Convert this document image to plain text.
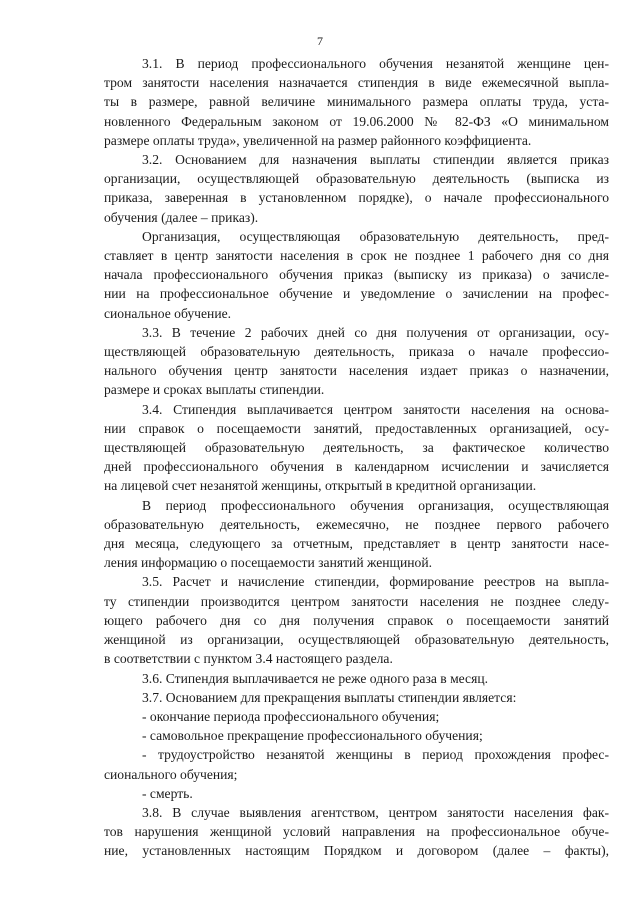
7

3.1. В период профессионального обучения незанятой женщине цен-
тром занятости населения назначается стипендия в виде ежемесячной выпла-
ты в размере, равной величине минимального размера оплаты труда, уста-
новленного Федеральным законом от 19.06.2000 № 82-ФЗ «О минимальном
размере оплаты труда», увеличенной на размер районного коэффициента.

3.2. Основанием для назначения выплаты стипендии является приказ
организации, осуществляющей образовательную деятельность (выписка из
приказа, заверенная в установленном порядке), о начале профессионального
обучения (далее – приказ).

Организация, осуществляющая образовательную деятельность, пред-
ставляет в центр занятости населения в срок не позднее 1 рабочего дня со дня
начала профессионального обучения приказ (выписку из приказа) о зачисле-
нии на профессиональное обучение и уведомление о зачислении на профес-
сиональное обучение.

3.3. В течение 2 рабочих дней со дня получения от организации, осу-
ществляющей образовательную деятельность, приказа о начале профессио-
нального обучения центр занятости населения издает приказ о назначении,
размере и сроках выплаты стипендии.

3.4. Стипендия выплачивается центром занятости населения на основа-
нии справок о посещаемости занятий, предоставленных организацией, осу-
ществляющей образовательную деятельность, за фактическое количество
дней профессионального обучения в календарном исчислении и зачисляется
на лицевой счет незанятой женщины, открытый в кредитной организации.

В период профессионального обучения организация, осуществляющая
образовательную деятельность, ежемесячно, не позднее первого рабочего
дня месяца, следующего за отчетным, представляет в центр занятости насе-
ления информацию о посещаемости занятий женщиной.

3.5. Расчет и начисление стипендии, формирование реестров на выпла-
ту стипендии производится центром занятости населения не позднее следу-
ющего рабочего дня со дня получения справок о посещаемости занятий
женщиной из организации, осуществляющей образовательную деятельность,
в соответствии с пунктом 3.4 настоящего раздела.

3.6. Стипендия выплачивается не реже одного раза в месяц.

3.7. Основанием для прекращения выплаты стипендии является:

- окончание периода профессионального обучения;

- самовольное прекращение профессионального обучения;

- трудоустройство незанятой женщины в период прохождения профес-
сионального обучения;

- смерть.

3.8. В случае выявления агентством, центром занятости населения фак-
тов нарушения женщиной условий направления на профессиональное обуче-
ние, установленных настоящим Порядком и договором (далее – факты),
